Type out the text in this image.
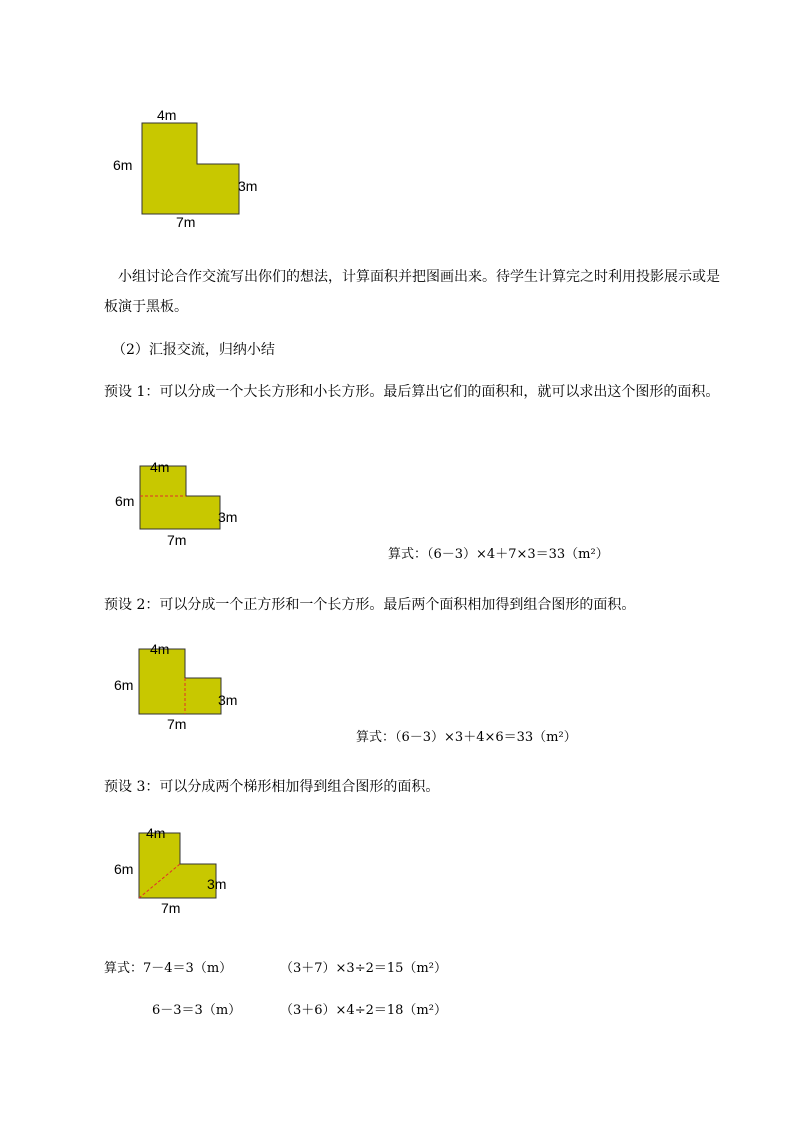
4m
6m
3m
7m

小组讨论合作交流写出你们的想法，计算面积并把图画出来。待学生计算完之时利用投影展示或是板演于黑板。

（2）汇报交流，归纳小结

预设 1：可以分成一个大长方形和小长方形。最后算出它们的面积和，就可以求出这个图形的面积。

4m
6m
3m
7m
算式：（6－3）×4＋7×3＝33（m²）

预设 2：可以分成一个正方形和一个长方形。最后两个面积相加得到组合图形的面积。

4m
6m
3m
7m
算式：（6－3）×3＋4×6＝33（m²）

预设 3：可以分成两个梯形相加得到组合图形的面积。

4m
6m
3m
7m
算式：7－4＝3（m）	（3＋7）×3÷2＝15（m²）
6－3＝3（m）	（3＋6）×4÷2＝18（m²）
